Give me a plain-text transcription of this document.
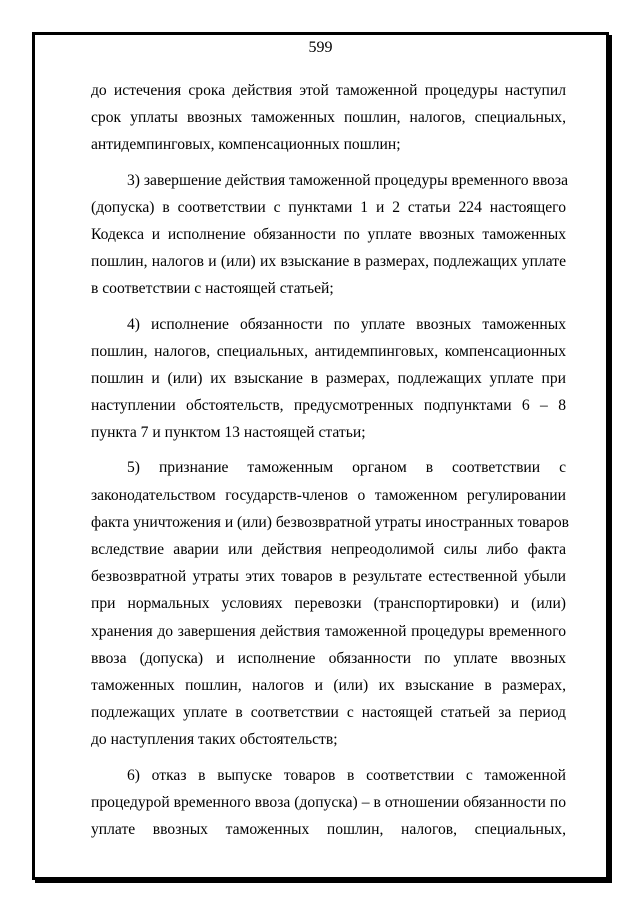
599
до истечения срока действия этой таможенной процедуры наступил
срок уплаты ввозных таможенных пошлин, налогов, специальных,
антидемпинговых, компенсационных пошлин;
3) завершение действия таможенной процедуры временного ввоза
(допуска) в соответствии с пунктами 1 и 2 статьи 224 настоящего
Кодекса и исполнение обязанности по уплате ввозных таможенных
пошлин, налогов и (или) их взыскание в размерах, подлежащих уплате
в соответствии с настоящей статьей;
4) исполнение обязанности по уплате ввозных таможенных
пошлин, налогов, специальных, антидемпинговых, компенсационных
пошлин и (или) их взыскание в размерах, подлежащих уплате при
наступлении обстоятельств, предусмотренных подпунктами 6 – 8
пункта 7 и пунктом 13 настоящей статьи;
5) признание таможенным органом в соответствии с
законодательством государств-членов о таможенном регулировании
факта уничтожения и (или) безвозвратной утраты иностранных товаров
вследствие аварии или действия непреодолимой силы либо факта
безвозвратной утраты этих товаров в результате естественной убыли
при нормальных условиях перевозки (транспортировки) и (или)
хранения до завершения действия таможенной процедуры временного
ввоза (допуска) и исполнение обязанности по уплате ввозных
таможенных пошлин, налогов и (или) их взыскание в размерах,
подлежащих уплате в соответствии с настоящей статьей за период
до наступления таких обстоятельств;
6) отказ в выпуске товаров в соответствии с таможенной
процедурой временного ввоза (допуска) – в отношении обязанности по
уплате ввозных таможенных пошлин, налогов, специальных,
